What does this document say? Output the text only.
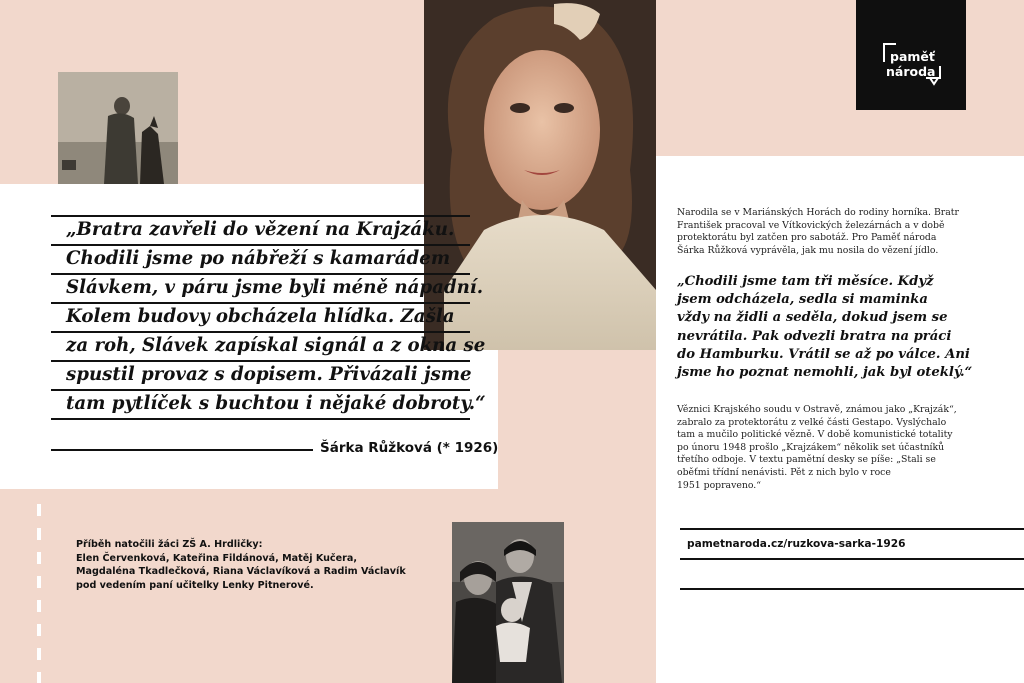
paměť
národa
„Bratra zavřeli do vězení na Krajzáku.
Chodili jsme po nábřeží s kamarádem
Slávkem, v páru jsme byli méně nápadní.
Kolem budovy obcházela hlídka. Zašla
za roh, Slávek zapískal signál a z okna se
spustil provaz s dopisem. Přivázali jsme
tam pytlíček s buchtou i nějaké dobroty.“
Šárka Růžková (* 1926)
Příběh natočili žáci ZŠ A. Hrdličky:
Elen Červenková, Kateřina Fildánová, Matěj Kučera,
Magdaléna Tkadlečková, Riana Václavíková a Radim Václavík
pod vedením paní učitelky Lenky Pitnerové.
Narodila se v Mariánských Horách do rodiny horníka. Bratr
František pracoval ve Vítkovických železárnách a v době
protektorátu byl zatčen pro sabotáž. Pro Paměť národa
Šárka Růžková vyprávěla, jak mu nosila do vězení jídlo.
„Chodili jsme tam tři měsíce. Když
jsem odcházela, sedla si maminka
vždy na židli a seděla, dokud jsem se
nevrátila. Pak odvezli bratra na práci
do Hamburku. Vrátil se až po válce. Ani
jsme ho poznat nemohli, jak byl oteklý.“
Věznici Krajského soudu v Ostravě, známou jako „Krajzák“,
zabralo za protektorátu z velké části Gestapo. Vyslýchalo
tam a mučilo politické vězně. V době komunistické totality
po únoru 1948 prošlo „Krajzákem“ několik set účastníků
třetího odboje. V textu pamětní desky se píše: „Stali se
oběťmi třídní nenávisti. Pět z nich bylo v roce
1951 popraveno.“
pametnaroda.cz/ruzkova-sarka-1926
